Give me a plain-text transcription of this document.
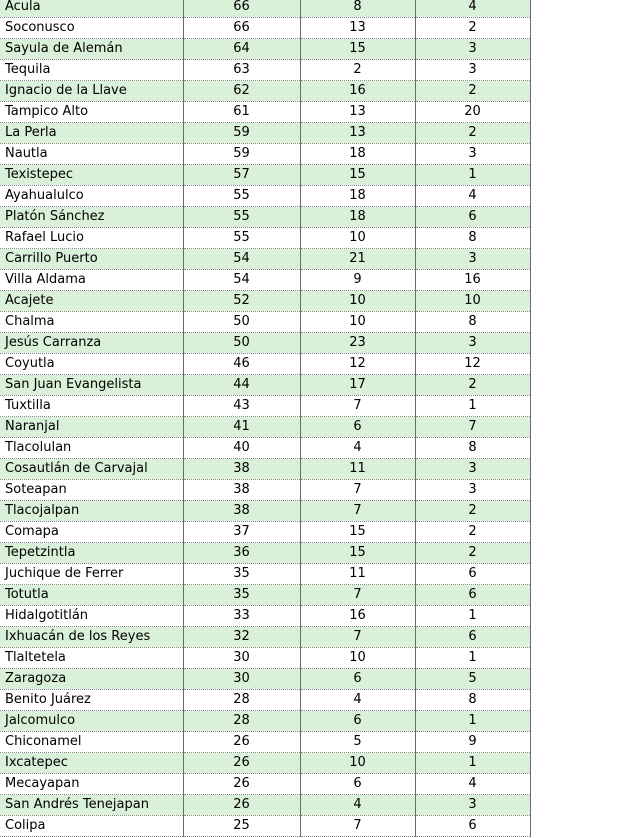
Acula	66	8	4
Soconusco	66	13	2
Sayula de Alemán	64	15	3
Tequila	63	2	3
Ignacio de la Llave	62	16	2
Tampico Alto	61	13	20
La Perla	59	13	2
Nautla	59	18	3
Texistepec	57	15	1
Ayahualulco	55	18	4
Platón Sánchez	55	18	6
Rafael Lucio	55	10	8
Carrillo Puerto	54	21	3
Villa Aldama	54	9	16
Acajete	52	10	10
Chalma	50	10	8
Jesús Carranza	50	23	3
Coyutla	46	12	12
San Juan Evangelista	44	17	2
Tuxtilla	43	7	1
Naranjal	41	6	7
Tlacolulan	40	4	8
Cosautlán de Carvajal	38	11	3
Soteapan	38	7	3
Tlacojalpan	38	7	2
Comapa	37	15	2
Tepetzintla	36	15	2
Juchique de Ferrer	35	11	6
Totutla	35	7	6
Hidalgotitlán	33	16	1
Ixhuacán de los Reyes	32	7	6
Tlaltetela	30	10	1
Zaragoza	30	6	5
Benito Juárez	28	4	8
Jalcomulco	28	6	1
Chiconamel	26	5	9
Ixcatepec	26	10	1
Mecayapan	26	6	4
San Andrés Tenejapan	26	4	3
Colipa	25	7	6
